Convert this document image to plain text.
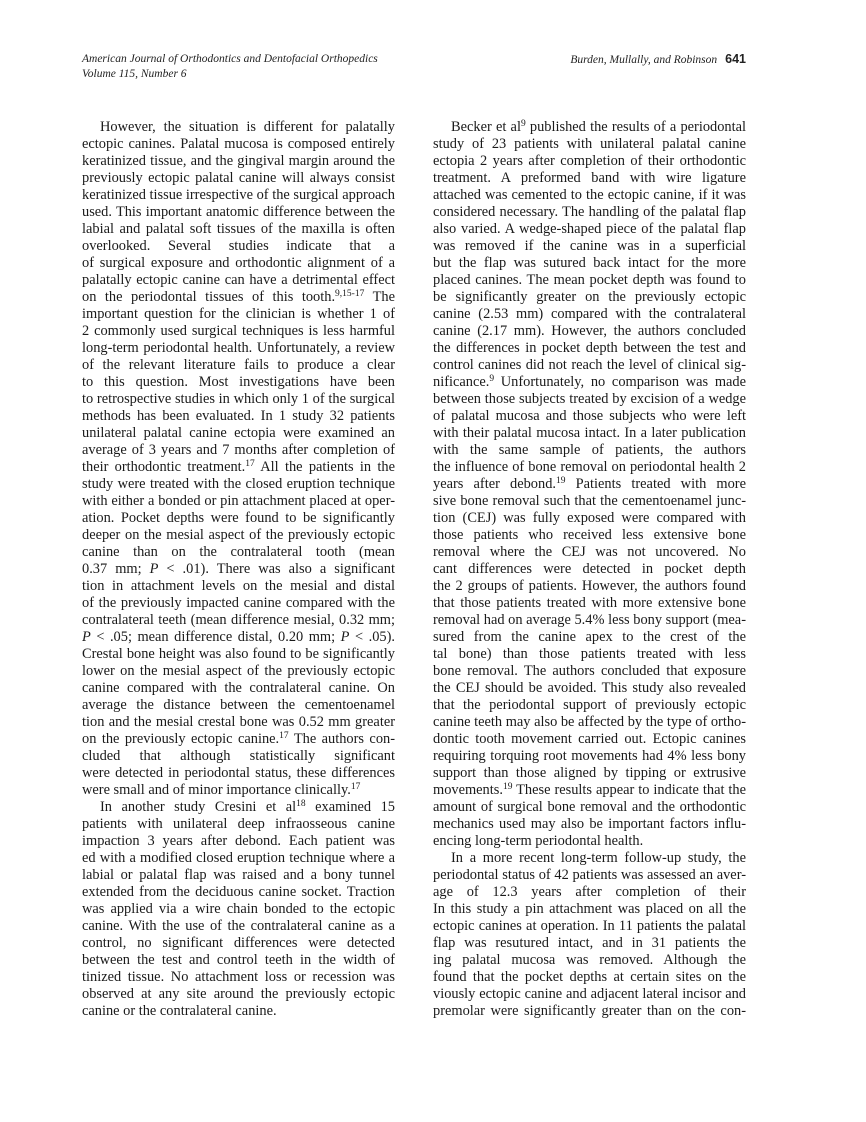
American Journal of Orthodontics and Dentofacial Orthopedics
Volume 115, Number 6
Burden, Mullally, and Robinson 641
However, the situation is different for palatally
ectopic canines. Palatal mucosa is composed entirely
keratinized tissue, and the gingival margin around the
previously ectopic palatal canine will always consist
keratinized tissue irrespective of the surgical approach
used. This important anatomic difference between the
labial and palatal soft tissues of the maxilla is often
overlooked. Several studies indicate that a
of surgical exposure and orthodontic alignment of a
palatally ectopic canine can have a detrimental effect
on the periodontal tissues of this tooth.$^{9,15-17}$ The
important question for the clinician is whether 1 of
2 commonly used surgical techniques is less harmful
long-term periodontal health. Unfortunately, a review
of the relevant literature fails to produce a clear
to this question. Most investigations have been
to retrospective studies in which only 1 of the surgical
methods has been evaluated. In 1 study 32 patients
unilateral palatal canine ectopia were examined an
average of 3 years and 7 months after completion of
their orthodontic treatment.$^{17}$ All the patients in the
study were treated with the closed eruption technique
with either a bonded or pin attachment placed at oper-
ation. Pocket depths were found to be significantly
deeper on the mesial aspect of the previously ectopic
canine than on the contralateral tooth (mean
0.37 mm; P < .01). There was also a significant
tion in attachment levels on the mesial and distal
of the previously impacted canine compared with the
contralateral teeth (mean difference mesial, 0.32 mm;
P < .05; mean difference distal, 0.20 mm; P < .05).
Crestal bone height was also found to be significantly
lower on the mesial aspect of the previously ectopic
canine compared with the contralateral canine. On
average the distance between the cementoenamel
tion and the mesial crestal bone was 0.52 mm greater
on the previously ectopic canine.$^{17}$ The authors con-
cluded that although statistically significant
were detected in periodontal status, these differences
were small and of minor importance clinically.$^{17}$
In another study Cresini et $al^{18}$ examined 15
patients with unilateral deep infraosseous canine
impaction 3 years after debond. Each patient was
ed with a modified closed eruption technique where a
labial or palatal flap was raised and a bony tunnel
extended from the deciduous canine socket. Traction
was applied via a wire chain bonded to the ectopic
canine. With the use of the contralateral canine as a
control, no significant differences were detected
between the test and control teeth in the width of
tinized tissue. No attachment loss or recession was
observed at any site around the previously ectopic
canine or the contralateral canine.
Becker et $al^9$ published the results of a periodontal
study of 23 patients with unilateral palatal canine
ectopia 2 years after completion of their orthodontic
treatment. A preformed band with wire ligature
attached was cemented to the ectopic canine, if it was
considered necessary. The handling of the palatal flap
also varied. A wedge-shaped piece of the palatal flap
was removed if the canine was in a superficial
but the flap was sutured back intact for the more
placed canines. The mean pocket depth was found to
be significantly greater on the previously ectopic
canine (2.53 mm) compared with the contralateral
canine (2.17 mm). However, the authors concluded
the differences in pocket depth between the test and
control canines did not reach the level of clinical sig-
nificance.$^9$ Unfortunately, no comparison was made
between those subjects treated by excision of a wedge
of palatal mucosa and those subjects who were left
with their palatal mucosa intact. In a later publication
with the same sample of patients, the authors
the influence of bone removal on periodontal health 2
years after debond.$^{19}$ Patients treated with more
sive bone removal such that the cementoenamel junc-
tion (CEJ) was fully exposed were compared with
those patients who received less extensive bone
removal where the CEJ was not uncovered. No
cant differences were detected in pocket depth
the 2 groups of patients. However, the authors found
that those patients treated with more extensive bone
removal had on average 5.4% less bony support (mea-
sured from the canine apex to the crest of the
tal bone) than those patients treated with less
bone removal. The authors concluded that exposure
the CEJ should be avoided. This study also revealed
that the periodontal support of previously ectopic
canine teeth may also be affected by the type of ortho-
dontic tooth movement carried out. Ectopic canines
requiring torquing root movements had 4% less bony
support than those aligned by tipping or extrusive
movements.$^{19}$ These results appear to indicate that the
amount of surgical bone removal and the orthodontic
mechanics used may also be important factors influ-
encing long-term periodontal health.
In a more recent long-term follow-up study, the
periodontal status of 42 patients was assessed an aver-
age of 12.3 years after completion of their
In this study a pin attachment was placed on all the
ectopic canines at operation. In 11 patients the palatal
flap was resutured intact, and in 31 patients the
ing palatal mucosa was removed. Although the
found that the pocket depths at certain sites on the
viously ectopic canine and adjacent lateral incisor and
premolar were significantly greater than on the con-
